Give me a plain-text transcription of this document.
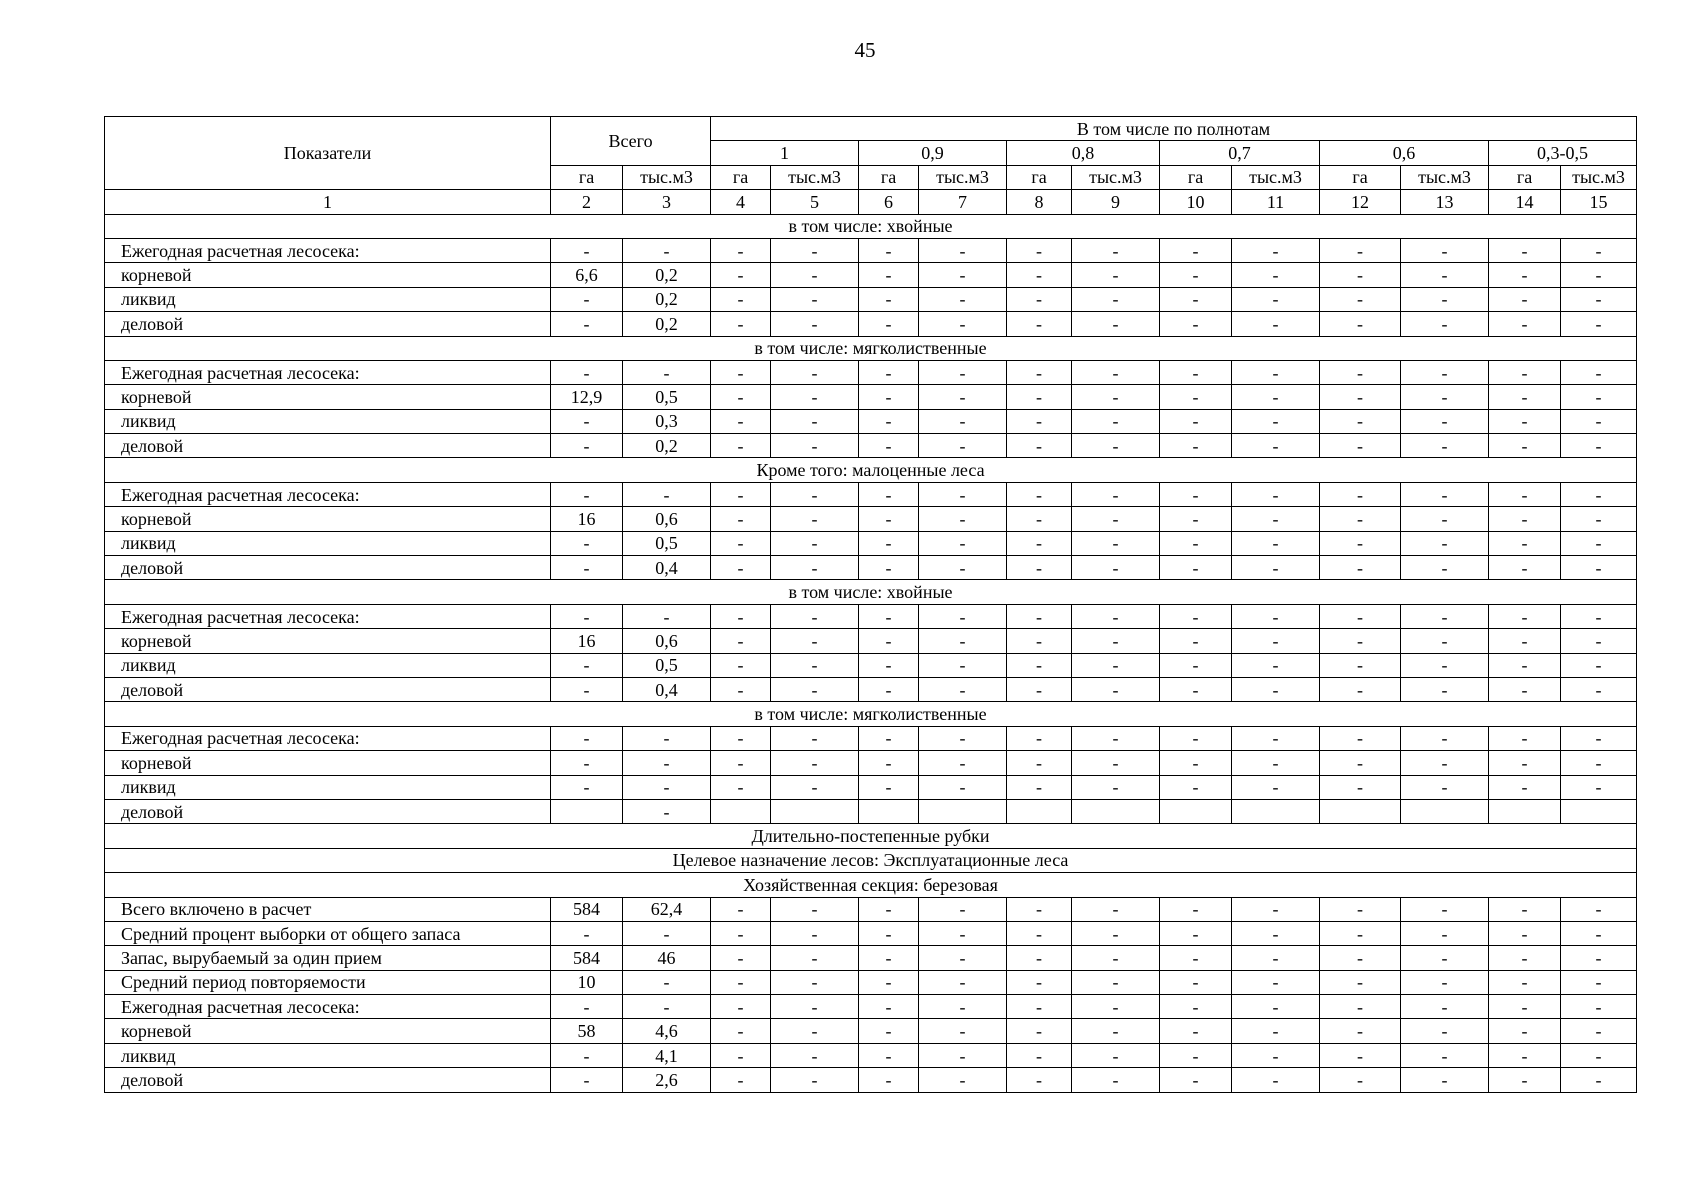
45
Показатели	Всего		В том числе по полнотам											
			1		0,9		0,8		0,7		0,6		0,3-0,5	
	га	тыс.м3	га	тыс.м3	га	тыс.м3	га	тыс.м3	га	тыс.м3	га	тыс.м3	га	тыс.м3
1	2	3	4	5	6	7	8	9	10	11	12	13	14	15
в том числе: хвойные														
Ежегодная расчетная лесосека:	-	-	-	-	-	-	-	-	-	-	-	-	-	-
корневой	6,6	0,2	-	-	-	-	-	-	-	-	-	-	-	-
ликвид	-	0,2	-	-	-	-	-	-	-	-	-	-	-	-
деловой	-	0,2	-	-	-	-	-	-	-	-	-	-	-	-
в том числе: мягколиственные														
Ежегодная расчетная лесосека:	-	-	-	-	-	-	-	-	-	-	-	-	-	-
корневой	12,9	0,5	-	-	-	-	-	-	-	-	-	-	-	-
ликвид	-	0,3	-	-	-	-	-	-	-	-	-	-	-	-
деловой	-	0,2	-	-	-	-	-	-	-	-	-	-	-	-
Кроме того: малоценные леса														
Ежегодная расчетная лесосека:	-	-	-	-	-	-	-	-	-	-	-	-	-	-
корневой	16	0,6	-	-	-	-	-	-	-	-	-	-	-	-
ликвид	-	0,5	-	-	-	-	-	-	-	-	-	-	-	-
деловой	-	0,4	-	-	-	-	-	-	-	-	-	-	-	-
в том числе: хвойные														
Ежегодная расчетная лесосека:	-	-	-	-	-	-	-	-	-	-	-	-	-	-
корневой	16	0,6	-	-	-	-	-	-	-	-	-	-	-	-
ликвид	-	0,5	-	-	-	-	-	-	-	-	-	-	-	-
деловой	-	0,4	-	-	-	-	-	-	-	-	-	-	-	-
в том числе: мягколиственные														
Ежегодная расчетная лесосека:	-	-	-	-	-	-	-	-	-	-	-	-	-	-
корневой	-	-	-	-	-	-	-	-	-	-	-	-	-	-
ликвид	-	-	-	-	-	-	-	-	-	-	-	-	-	-
деловой		-												
Длительно-постепенные рубки														
Целевое назначение лесов: Эксплуатационные леса														
Хозяйственная секция: березовая														
Всего включено в расчет	584	62,4	-	-	-	-	-	-	-	-	-	-	-	-
Средний процент выборки от общего запаса	-	-	-	-	-	-	-	-	-	-	-	-	-	-
Запас, вырубаемый за один прием	584	46	-	-	-	-	-	-	-	-	-	-	-	-
Средний период повторяемости	10	-	-	-	-	-	-	-	-	-	-	-	-	-
Ежегодная расчетная лесосека:	-	-	-	-	-	-	-	-	-	-	-	-	-	-
корневой	58	4,6	-	-	-	-	-	-	-	-	-	-	-	-
ликвид	-	4,1	-	-	-	-	-	-	-	-	-	-	-	-
деловой	-	2,6	-	-	-	-	-	-	-	-	-	-	-	-
